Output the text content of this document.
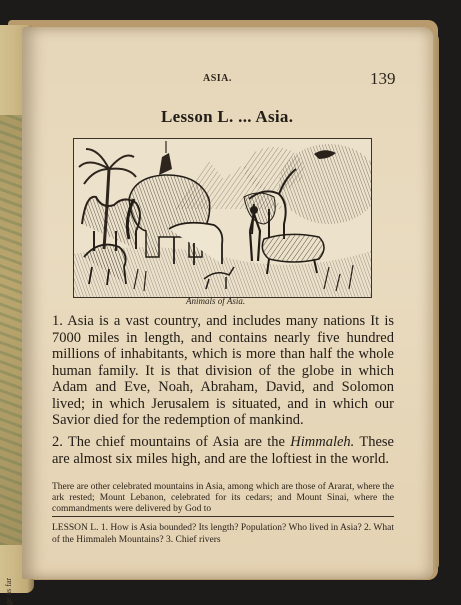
ge as far
ASIA.	139
Lesson L. ... Asia.
Animals of Asia.

1. Asia is a vast country, and includes many nations It is 7000 miles in length, and contains nearly five hundred millions of inhabitants, which is more than half the whole human family. It is that division of the globe in which Adam and Eve, Noah, Abraham, David, and Solomon lived; in which Jerusalem is situated, and in which our Savior died for the redemption of mankind.

2. The chief mountains of Asia are the Himmaleh. These are almost six miles high, and are the loftiest in the world.

There are other celebrated mountains in Asia, among which are those of Ararat, where the ark rested; Mount Lebanon, celebrated for its cedars; and Mount Sinai, where the commandments were delivered by God to

LESSON L. 1. How is Asia bounded? Its length? Population? Who lived in Asia? 2. What of the Himmaleh Mountains? 3. Chief rivers
